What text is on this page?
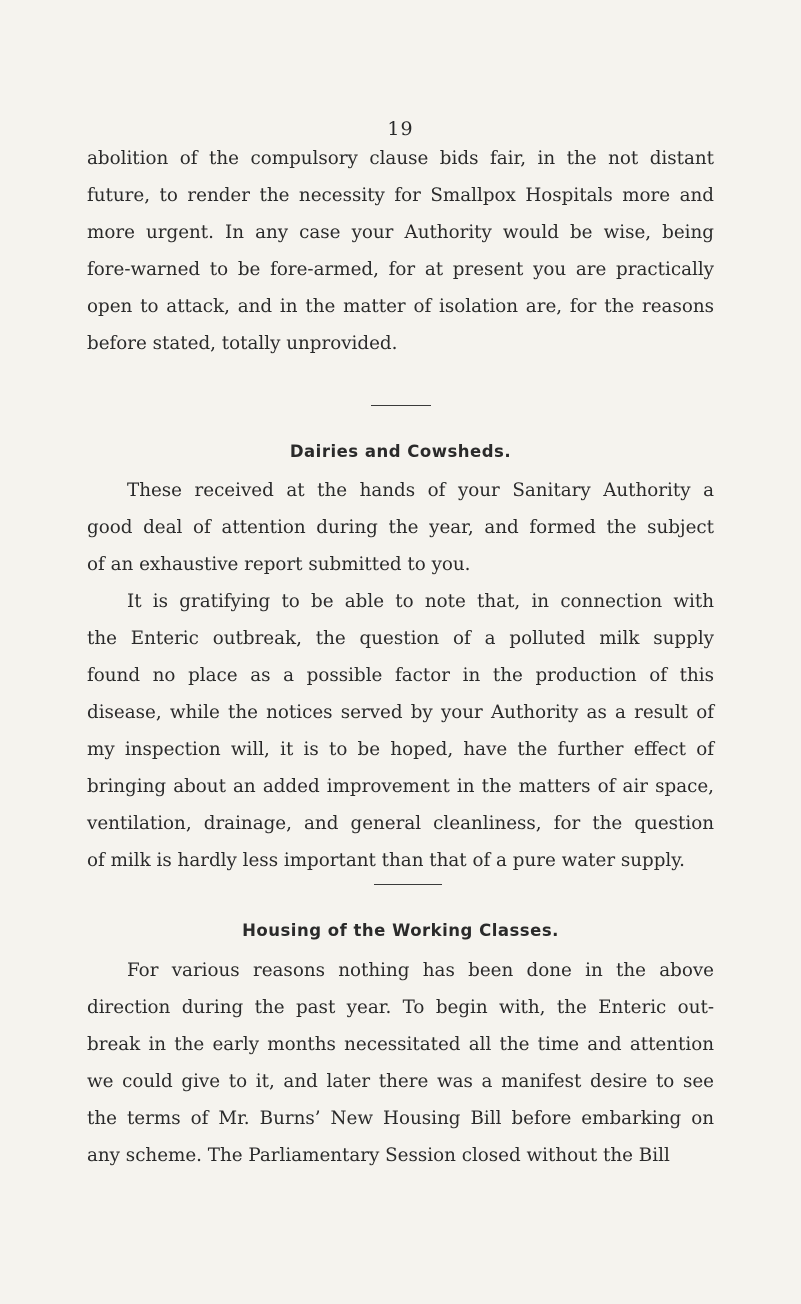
19
abolition of the compulsory clause bids fair, in the not distant
future, to render the necessity for Smallpox Hospitals more and
more urgent. In any case your Authority would be wise, being
fore-warned to be fore-armed, for at present you are practically
open to attack, and in the matter of isolation are, for the reasons
before stated, totally unprovided.
Dairies and Cowsheds.
These received at the hands of your Sanitary Authority a
good deal of attention during the year, and formed the subject
of an exhaustive report submitted to you.
It is gratifying to be able to note that, in connection with
the Enteric outbreak, the question of a polluted milk supply
found no place as a possible factor in the production of this
disease, while the notices served by your Authority as a result of
my inspection will, it is to be hoped, have the further effect of
bringing about an added improvement in the matters of air space,
ventilation, drainage, and general cleanliness, for the question
of milk is hardly less important than that of a pure water supply.
Housing of the Working Classes.
For various reasons nothing has been done in the above
direction during the past year. To begin with, the Enteric out-
break in the early months necessitated all the time and attention
we could give to it, and later there was a manifest desire to see
the terms of Mr. Burns’ New Housing Bill before embarking on
any scheme. The Parliamentary Session closed without the Bill
